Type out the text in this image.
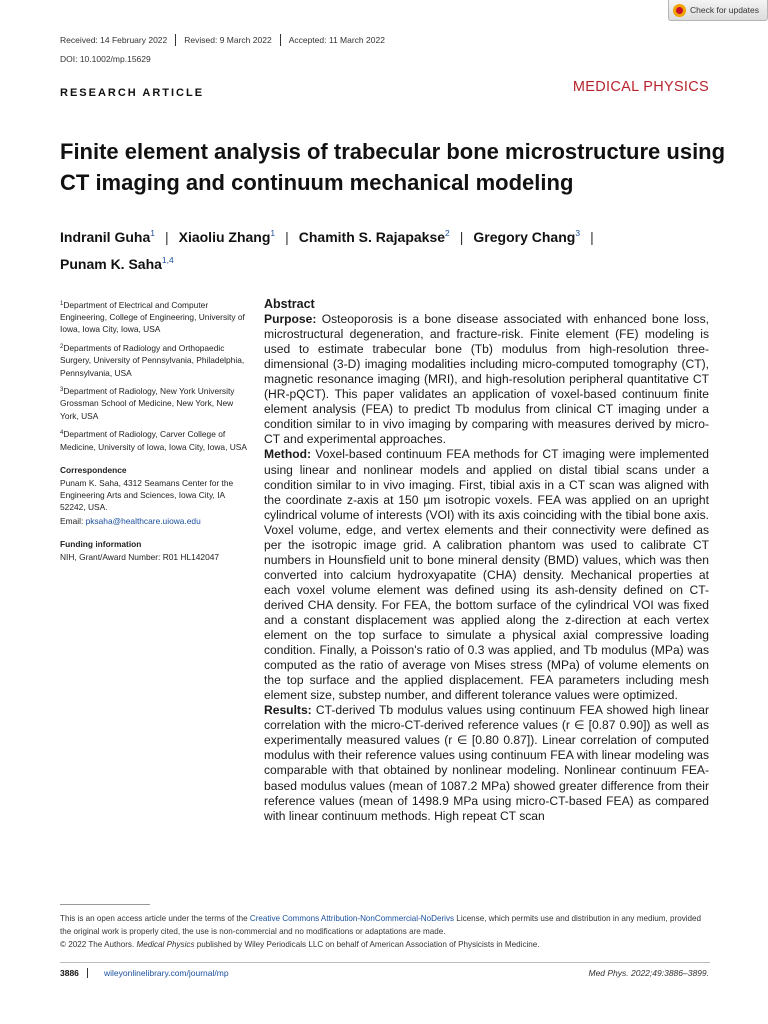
Check for updates
Received: 14 February 2022	Revised: 9 March 2022	Accepted: 11 March 2022
DOI: 10.1002/mp.15629
RESEARCH ARTICLE	MEDICAL PHYSICS
Finite element analysis of trabecular bone microstructure using CT imaging and continuum mechanical modeling
Indranil Guha$^1$ | Xiaoliu Zhang$^1$ | Chamith S. Rajapakse$^2$ | Gregory Chang$^3$ |
Punam K. Saha$^{1,4}$
$^1$Department of Electrical and Computer Engineering, College of Engineering, University of Iowa, Iowa City, Iowa, USA
$^2$Departments of Radiology and Orthopaedic Surgery, University of Pennsylvania, Philadelphia, Pennsylvania, USA
$^3$Department of Radiology, New York University Grossman School of Medicine, New York, New York, USA
$^4$Department of Radiology, Carver College of Medicine, University of Iowa, Iowa City, Iowa, USA
Correspondence
Punam K. Saha, 4312 Seamans Center for the Engineering Arts and Sciences, Iowa City, IA 52242, USA.
Email: pksaha@healthcare.uiowa.edu
Funding information
NIH, Grant/Award Number: R01 HL142047
Abstract

Purpose: Osteoporosis is a bone disease associated with enhanced bone loss, microstructural degeneration, and fracture-risk. Finite element (FE) modeling is used to estimate trabecular bone (Tb) modulus from high-resolution three-dimensional (3-D) imaging modalities including micro-computed tomography (CT), magnetic resonance imaging (MRI), and high-resolution peripheral quantitative CT (HR-pQCT). This paper validates an application of voxel-based continuum finite element analysis (FEA) to predict Tb modulus from clinical CT imaging under a condition similar to in vivo imaging by comparing with measures derived by micro-CT and experimental approaches.

Method: Voxel-based continuum FEA methods for CT imaging were implemented using linear and nonlinear models and applied on distal tibial scans under a condition similar to in vivo imaging. First, tibial axis in a CT scan was aligned with the coordinate z-axis at 150 µm isotropic voxels. FEA was applied on an upright cylindrical volume of interests (VOI) with its axis coinciding with the tibial bone axis. Voxel volume, edge, and vertex elements and their connectivity were defined as per the isotropic image grid. A calibration phantom was used to calibrate CT numbers in Hounsfield unit to bone mineral density (BMD) values, which was then converted into calcium hydroxyapatite (CHA) density. Mechanical properties at each voxel volume element was defined using its ash-density defined on CT-derived CHA density. For FEA, the bottom surface of the cylindrical VOI was fixed and a constant displacement was applied along the z-direction at each vertex element on the top surface to simulate a physical axial compressive loading condition. Finally, a Poisson's ratio of 0.3 was applied, and Tb modulus (MPa) was computed as the ratio of average von Mises stress (MPa) of volume elements on the top surface and the applied displacement. FEA parameters including mesh element size, substep number, and different tolerance values were optimized.

Results: CT-derived Tb modulus values using continuum FEA showed high linear correlation with the micro-CT-derived reference values (r ∈ [0.87 0.90]) as well as experimentally measured values (r ∈ [0.80 0.87]). Linear correlation of computed modulus with their reference values using continuum FEA with linear modeling was comparable with that obtained by nonlinear modeling. Nonlinear continuum FEA-based modulus values (mean of 1087.2 MPa) showed greater difference from their reference values (mean of 1498.9 MPa using micro-CT-based FEA) as compared with linear continuum methods. High repeat CT scan

This is an open access article under the terms of the Creative Commons Attribution-NonCommercial-NoDerivs License, which permits use and distribution in any medium, provided the original work is properly cited, the use is non-commercial and no modifications or adaptations are made.
© 2022 The Authors. Medical Physics published by Wiley Periodicals LLC on behalf of American Association of Physicists in Medicine.
3886	wileyonlinelibrary.com/journal/mp	Med Phys. 2022;49:3886–3899.
